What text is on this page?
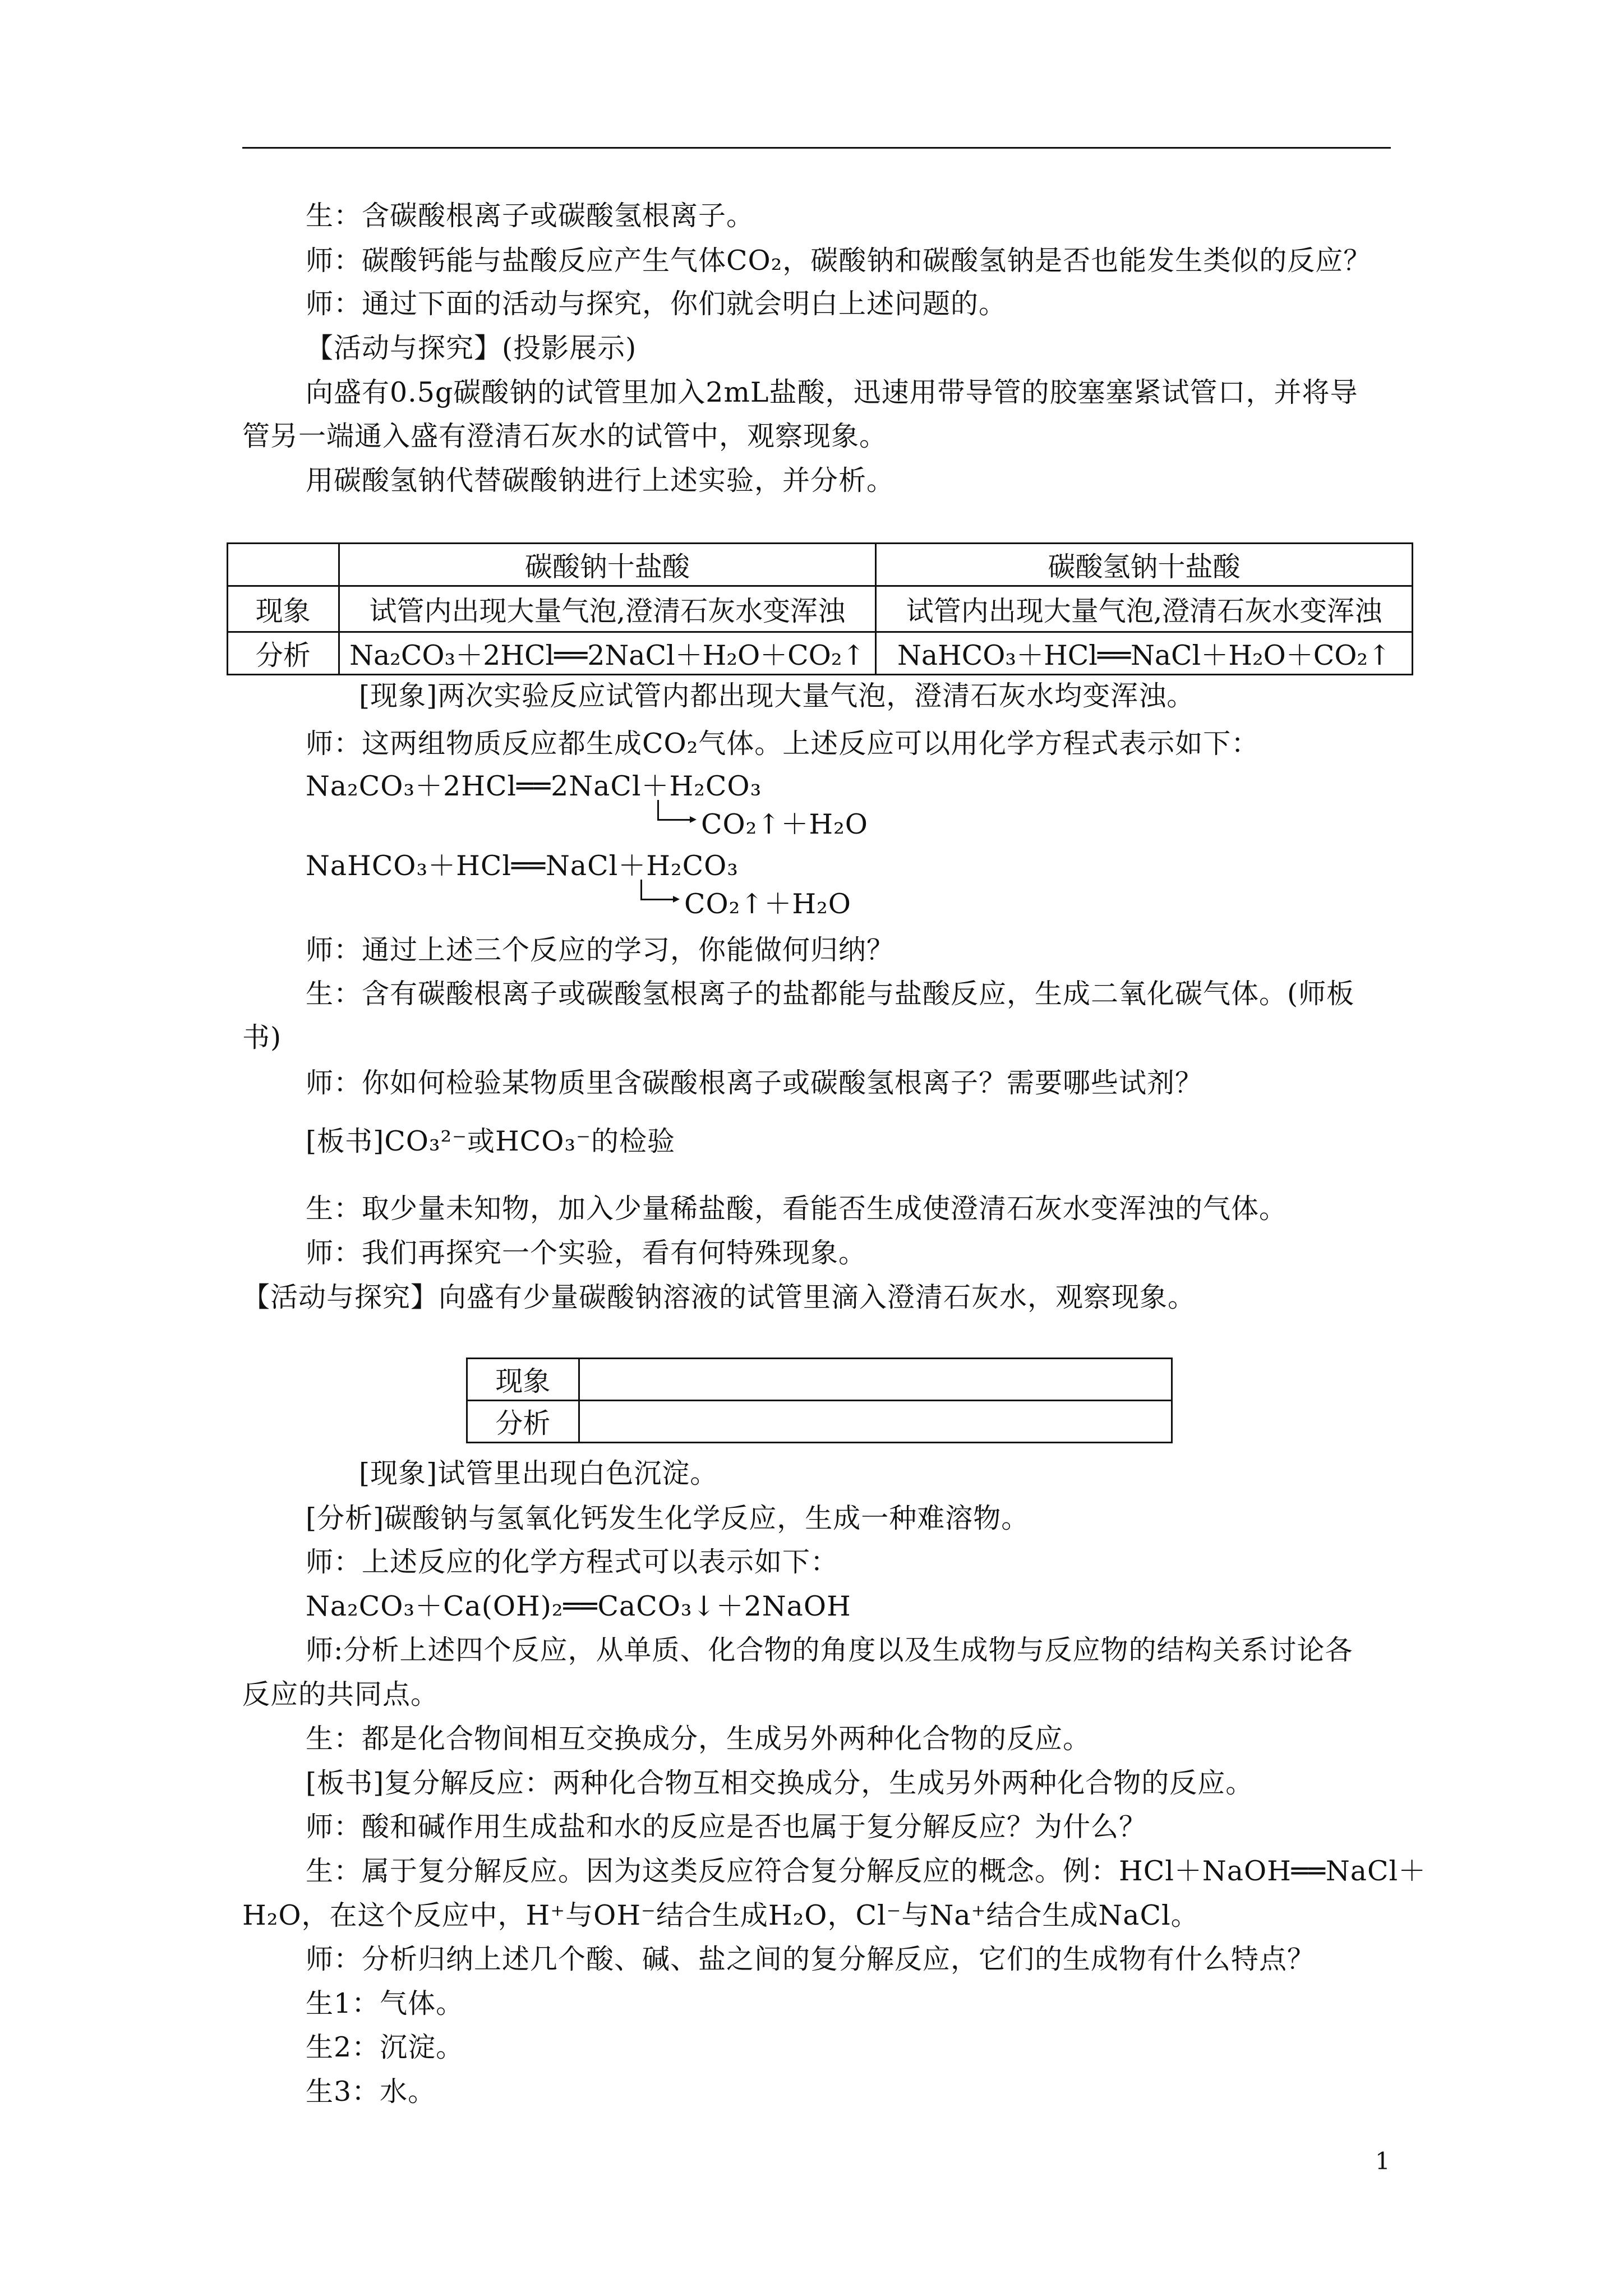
生：含碳酸根离子或碳酸氢根离子。
师：碳酸钙能与盐酸反应产生气体CO₂，碳酸钠和碳酸氢钠是否也能发生类似的反应？
师：通过下面的活动与探究，你们就会明白上述问题的。
【活动与探究】(投影展示)
向盛有0.5g碳酸钠的试管里加入2mL盐酸，迅速用带导管的胶塞塞紧试管口，并将导
管另一端通入盛有澄清石灰水的试管中，观察现象。
用碳酸氢钠代替碳酸钠进行上述实验，并分析。
	碳酸钠十盐酸	碳酸氢钠十盐酸
现象	试管内出现大量气泡,澄清石灰水变浑浊	试管内出现大量气泡,澄清石灰水变浑浊
分析	Na₂CO₃＋2HCl══2NaCl＋H₂O＋CO₂↑	NaHCO₃＋HCl══NaCl＋H₂O＋CO₂↑
[现象]两次实验反应试管内都出现大量气泡，澄清石灰水均变浑浊。
师：这两组物质反应都生成CO₂气体。上述反应可以用化学方程式表示如下：
Na₂CO₃＋2HCl══2NaCl＋H₂CO₃
CO₂↑＋H₂O
NaHCO₃＋HCl══NaCl＋H₂CO₃
CO₂↑＋H₂O
师：通过上述三个反应的学习，你能做何归纳？
生：含有碳酸根离子或碳酸氢根离子的盐都能与盐酸反应，生成二氧化碳气体。(师板
书)
师：你如何检验某物质里含碳酸根离子或碳酸氢根离子？需要哪些试剂？
[板书]CO₃²⁻或HCO₃⁻的检验
生：取少量未知物，加入少量稀盐酸，看能否生成使澄清石灰水变浑浊的气体。
师：我们再探究一个实验，看有何特殊现象。
【活动与探究】向盛有少量碳酸钠溶液的试管里滴入澄清石灰水，观察现象。
现象	
分析	
[现象]试管里出现白色沉淀。
[分析]碳酸钠与氢氧化钙发生化学反应，生成一种难溶物。
师：上述反应的化学方程式可以表示如下：
Na₂CO₃＋Ca(OH)₂══CaCO₃↓＋2NaOH
师:分析上述四个反应，从单质、化合物的角度以及生成物与反应物的结构关系讨论各
反应的共同点。
生：都是化合物间相互交换成分，生成另外两种化合物的反应。
[板书]复分解反应：两种化合物互相交换成分，生成另外两种化合物的反应。
师：酸和碱作用生成盐和水的反应是否也属于复分解反应？为什么？
生：属于复分解反应。因为这类反应符合复分解反应的概念。例：HCl＋NaOH══NaCl＋
H₂O，在这个反应中，H⁺与OH⁻结合生成H₂O，Cl⁻与Na⁺结合生成NaCl。
师：分析归纳上述几个酸、碱、盐之间的复分解反应，它们的生成物有什么特点？
生1：气体。
生2：沉淀。
生3：水。
1
